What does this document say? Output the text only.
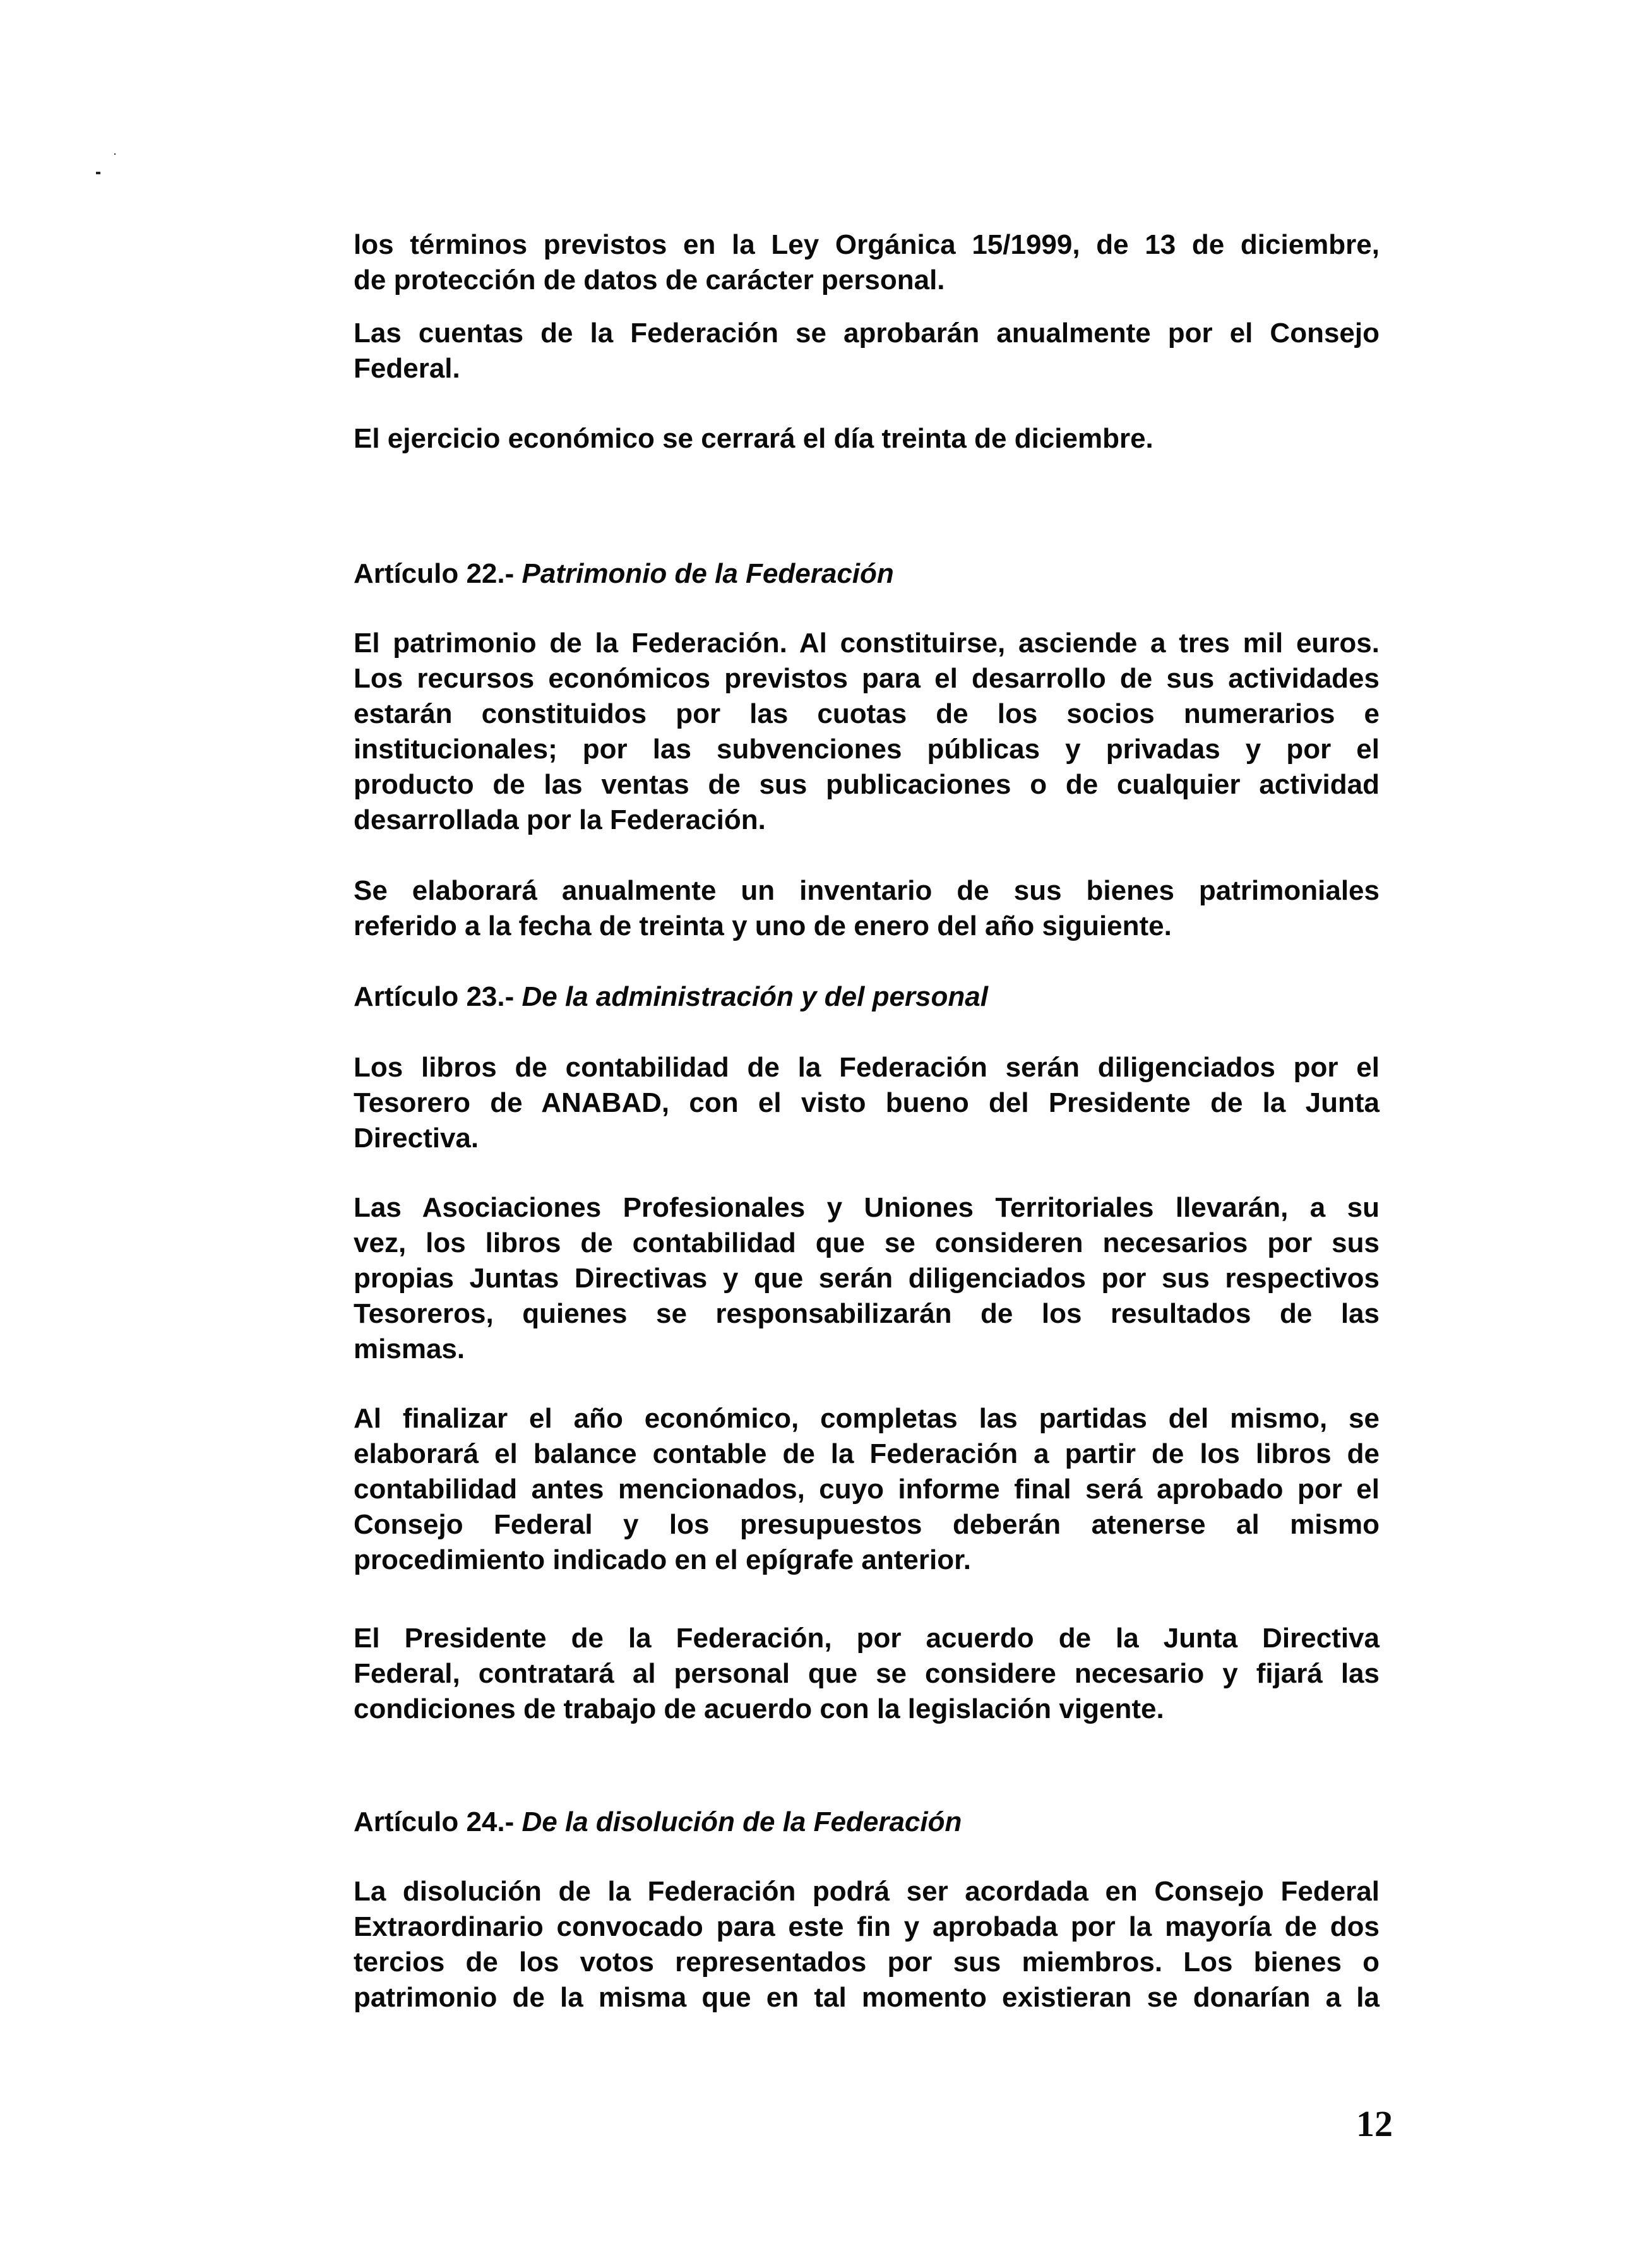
los términos previstos en la Ley Orgánica 15/1999, de 13 de diciembre,
de protección de datos de carácter personal.
Las cuentas de la Federación se aprobarán anualmente por el Consejo
Federal.
El ejercicio económico se cerrará el día treinta de diciembre.
Artículo 22.- Patrimonio de la Federación
El patrimonio de la Federación. Al constituirse, asciende a tres mil euros.
Los recursos económicos previstos para el desarrollo de sus actividades
estarán constituidos por las cuotas de los socios numerarios e
institucionales; por las subvenciones públicas y privadas y por el
producto de las ventas de sus publicaciones o de cualquier actividad
desarrollada por la Federación.
Se elaborará anualmente un inventario de sus bienes patrimoniales
referido a la fecha de treinta y uno de enero del año siguiente.
Artículo 23.- De la administración y del personal
Los libros de contabilidad de la Federación serán diligenciados por el
Tesorero de ANABAD, con el visto bueno del Presidente de la Junta
Directiva.
Las Asociaciones Profesionales y Uniones Territoriales llevarán, a su
vez, los libros de contabilidad que se consideren necesarios por sus
propias Juntas Directivas y que serán diligenciados por sus respectivos
Tesoreros, quienes se responsabilizarán de los resultados de las
mismas.
Al finalizar el año económico, completas las partidas del mismo, se
elaborará el balance contable de la Federación a partir de los libros de
contabilidad antes mencionados, cuyo informe final será aprobado por el
Consejo Federal y los presupuestos deberán atenerse al mismo
procedimiento indicado en el epígrafe anterior.
El Presidente de la Federación, por acuerdo de la Junta Directiva
Federal, contratará al personal que se considere necesario y fijará las
condiciones de trabajo de acuerdo con la legislación vigente.
Artículo 24.- De la disolución de la Federación
La disolución de la Federación podrá ser acordada en Consejo Federal
Extraordinario convocado para este fin y aprobada por la mayoría de dos
tercios de los votos representados por sus miembros. Los bienes o
patrimonio de la misma que en tal momento existieran se donarían a la
12
